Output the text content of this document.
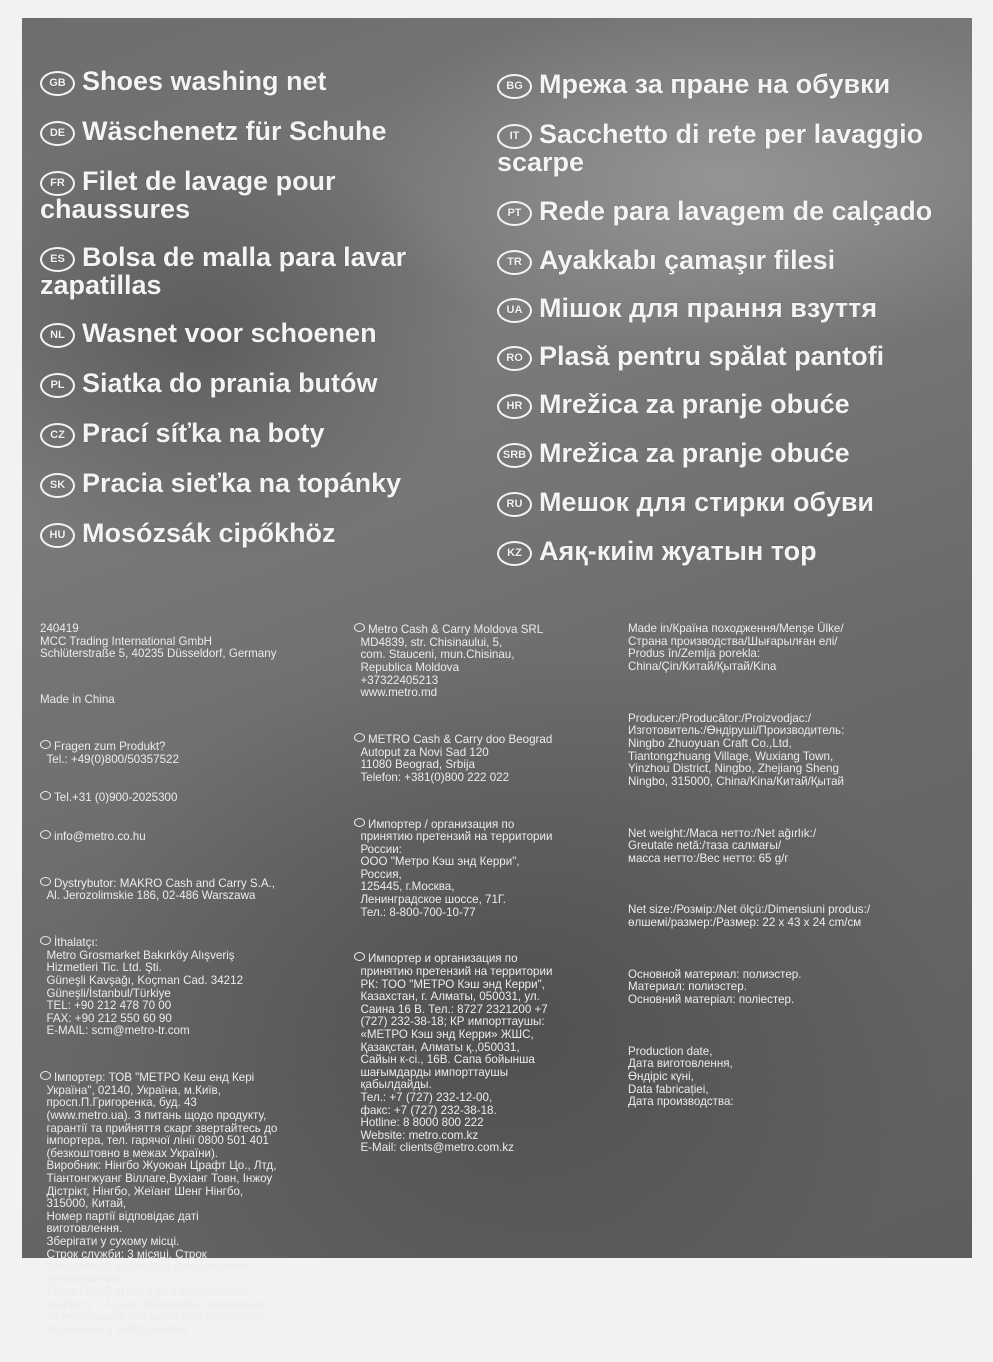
GB Shoes washing net
DE Wäschenetz für Schuhe
FR Filet de lavage pour chaussures
ES Bolsa de malla para lavar zapatillas
NL Wasnet voor schoenen
PL Siatka do prania butów
CZ Prací síťka na boty
SK Pracia sieťka na topánky
HU Mosózsák cipőkhöz
BG Мрежа за пране на обувки
IT Sacchetto di rete per lavaggio scarpe
PT Rede para lavagem de calçado
TR Ayakkabı çamaşır filesi
UA Мішок для прання взуття
RO Plasă pentru spălat pantofi
HR Mrežica za pranje obuće
SRB Mrežica za pranje obuće
RU Мешок для стирки обуви
KZ Аяқ-киім жуатын тор

240419
MCC Trading International GmbH
Schlüterstraße 5, 40235 Düsseldorf, Germany

Made in China

Fragen zum Produkt?
Tel.: +49(0)800/50357522

Tel.+31 (0)900-2025300

info@metro.co.hu

Dystrybutor: MAKRO Cash and Carry S.A.,
Al. Jerozolimskie 186, 02-486 Warszawa

İthalatçı:
Metro Grosmarket Bakırköy Alışveriş
Hizmetleri Tic. Ltd. Şti.
Güneşli Kavşağı, Koçman Cad. 34212
Güneşli/İstanbul/Türkiye
TEL: +90 212 478 70 00
FAX: +90 212 550 60 90
E-MAIL: scm@metro-tr.com

Імпортер: ТОВ "МЕТРО Кеш енд Кері
Україна", 02140, Україна, м.Київ,
просп.П.Григоренка, буд. 43
(www.metro.ua). З питань щодо продукту,
гарантії та прийняття скарг звертайтесь до
імпортера, тел. гарячої лінії 0800 501 401
(безкоштовно в межах України).
Виробник: Нінгбо Жуоюан Црафт Цо., Лтд,
Тіантонгжуанг Віллаге,Вухіанг Товн, Інжоу
Дістрікт, Нінгбо, Жеїанг Шенг Нінгбо,
315000, Китай,
Номер партії відповідає даті
виготовлення.
Зберігати у сухому місці.
Строк служби: 3 місяці. Строк
придатності до початку використання
необмежений.
Гарантійний строк у разі виробничого
дефекту: 14 днів. Зберігайте маркування
та інформацію про виріб для можливого
посилання у майбутньому.

Metro Cash & Carry Moldova SRL
MD4839, str. Chisinaului, 5,
com. Stauceni, mun.Chisinau,
Republica Moldova
+37322405213
www.metro.md

METRO Cash & Carry doo Beograd
Autoput za Novi Sad 120
11080 Beograd, Srbija
Telefon: +381(0)800 222 022

Импортер / организация по
принятию претензий на территории
России:
ООО "Метро Кэш энд Керри",
Россия,
125445, г.Москва,
Ленинградское шоссе, 71Г.
Тел.: 8-800-700-10-77

Импортер и организация по
принятию претензий на территории
РК: ТОО "МЕТРО Кэш энд Керри",
Казахстан, г. Алматы, 050031, ул.
Саина 16 В. Тел.: 8727 2321200 +7
(727) 232-38-18; КР импорттаушы:
«МЕТРО Кэш энд Керри» ЖШС,
Қазақстан, Алматы қ.,050031,
Сайын к-сі., 16В. Сапа бойынша
шағымдарды импорттаушы
қабылдайды.
Тел.: +7 (727) 232-12-00,
факс: +7 (727) 232-38-18.
Hotline: 8 8000 800 222
Website: metro.com.kz
E-Mail: clients@metro.com.kz

Made in/Країна походження/Menşe Ülke/
Страна производства/Шығарылған елі/
Produs în/Zemlja porekla:
China/Çin/Китай/Қытай/Kina

Producer:/Producător:/Proizvodjac:/
Изготовитель:/Өндіруші/Производитель:
Ningbo Zhuoyuan Craft Co.,Ltd,
Tiantongzhuang Village, Wuxiang Town,
Yinzhou District, Ningbo, Zhejiang Sheng
Ningbo, 315000, China/Kina/Китай/Қытай

Net weight:/Маса нетто:/Net ağırlık:/
Greutate netă:/таза салмағы/
масса нетто:/Вес нетто: 65 g/г

Net size:/Розмір:/Net ölçü:/Dimensiuni produs:/
өлшемі/размер:/Размер: 22 x 43 x 24 cm/см

Основной материал: полиэстер.
Материал: полиэстер.
Основний матеріал: поліестер.

Production date,
Дата виготовлення,
Өндіріс күні,
Data fabricației,
Дата производства:
